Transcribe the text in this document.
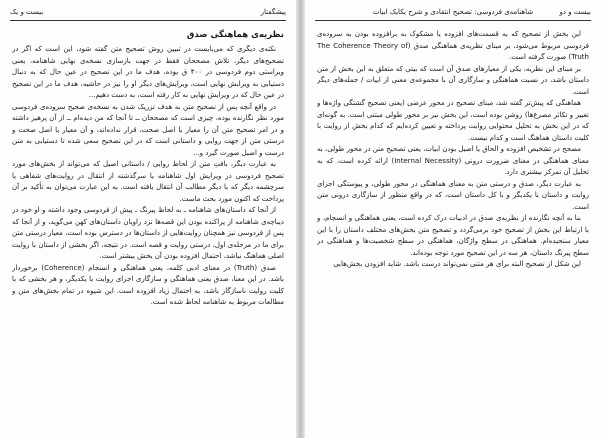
پیشگفتار
بیست و یک
نظریه‌ی هماهنگی صدق

نکته‌ی دیگری که می‌بایست در تبیین روش تصحیح متن گفته شود، این است که اگر در تصحیح‌های دیگر، تلاش مصححان فقط در جهت بازسازی نسخه‌ی نهایی شاهنامه، یعنی ویراستی دوم فردوسی در ۴۰۰ ق بوده، هدف ما در این تصحیح در عین حال که به دنبال دستیابی به ویرایش نهایی است، ویرایش‌های دیگر او را نیز در حاشیه، هدف ما در این تصحیح در عین حال که در ویرایش نهایی به کار رفته است، به دست دهیم...

در واقع آنچه پس از تصحیح متن به هدف تزریک شدن به نسخه‌ی صحیح سروده‌ی فردوسی مورد نظر نگارنده بوده، چیزی است که مصححان ــ تا آنجا که من دیده‌ام ــ از آن پرهیز داشته و در امر تصحیح متن آن را معیار یا اصل صحت، قرار نداده‌اند، و آن معیار یا اصل صحت و درستی متن از جهت روایی و داستانی است که در این تصحیح سعی شده تا دستیابی به متن درست و اصیل صورت گیرد و...

به عبارت دیگر، بافتِ متن از لحاظ روایی / داستانی اصیل که می‌تواند از بخش‌های مورد تصحیح فردوسی در ویرایش اول شاهنامه یا سرگذشته از انتقال در روایت‌های شفاهی یا سرچشمه دیگر که با دیگر مطالب آن انتقال یافته است. به این عبارت می‌توان به تأکید بر آن پرداخت که اکنون مورد بحث ماست.

از آنجا که داستان‌های شاهنامه ـ به لحاظ پیرنگ ـ پیش از فردوسی وجود داشته و او خود در دیباچه‌ی شاهنامه از پراکنده بودن این قصه‌ها نزد راویان داستان‌های کهن می‌گوید، و از آنجا که پس از فردوسی نیز همچنان روایت‌هایی از داستان‌ها در دسترس بوده است، معیار درستی متن برای ما در مرحله‌ی اول، درستی روایت و قصه است. در نتیجه، اگر بخشی از داستان با روایت اصلی هماهنگ نباشد، احتمال افزوده بودن آن بخش بیشتر است.

صدق (Truth) در معنای ادبی کلمه، یعنی هماهنگی و انسجام (Coherence) برخوردار باشد. در این معنا، صدق یعنی هماهنگی و سازگاری اجزای روایت با یکدیگر، و هر بخشی که با کلیت روایت ناسازگار باشد، به احتمال زیاد افزوده است. این شیوه در تمام بخش‌های متن و مطالعات مربوط به شاهنامه لحاظ شده است.

بیست و دو
شاهنامه‌ی فردوسی: تصحیح انتقادی و شرح یکایک ابیات

این بخش از تصحیح که به قسمت‌های افزوده یا مشکوک به برافزوده بودن به سروده‌ی فردوسی مربوط می‌شود، بر مبنای نظریه‌ی هماهنگی صدق (The Coherence Theory of Truth) صورت گرفته است.

بر مبنای این نظریه، یکی از معیارهای صدق آن است که بیتی که متعلق به این بخش از متن داستان باشد، در نسبت هماهنگی و سازگاری آن با مجموعه‌ی معنی از ابیات / جمله‌های دیگر است.

هماهنگی که پیش‌تر گفته شد، مبنای تصحیح در محور عرضی (یعنی تصحیح گشتگی واژه‌ها و تغییر و تکاثر مصرع‌ها) روشن بوده است، این بخش نیز بر محور طولی مبتنی است. به گونه‌ای که در این بخش به تحلیل محتوایی روایت پرداخته و تعیین کرده‌ایم که کدام بخش از روایت با کلیت داستان هماهنگ است و کدام نیست.

مصحح در تشخیص افزوده و الحاق یا اصیل بودن ابیات، یعنی تصحیح متن در محور طولی، به معنای هماهنگی در معنای ضرورت درونی (Internal Necessity) ارائه کرده است، که به تحلیل آن تمرکز بیشتری دارد.

به عبارت دیگر، صدق و درستی متن به معنای هماهنگی در محور طولی، و پیوستگی اجزای روایت و داستان با یکدیگر و با کل داستان است، که در واقع منظور از سازگاری درونی متن است.

بنا به آنچه نگارنده از نظریه‌ی صدق در ادبیات درک کرده است، یعنی هماهنگی و انسجام، و با ارتباط این بخش از تصحیح خود برمی‌گردد و تصحیح متن بخش‌های مختلف داستان را با این معیار سنجیده‌ام. هماهنگی در سطح واژگان، هماهنگی در سطح شخصیت‌ها و هماهنگی در سطح پیرنگ داستان، هر سه در این تصحیح مورد توجه بوده‌اند.

این شکل از تصحیح البته برای هر متنی نمی‌تواند درست باشد. شاید افزودن بخش‌هایی
